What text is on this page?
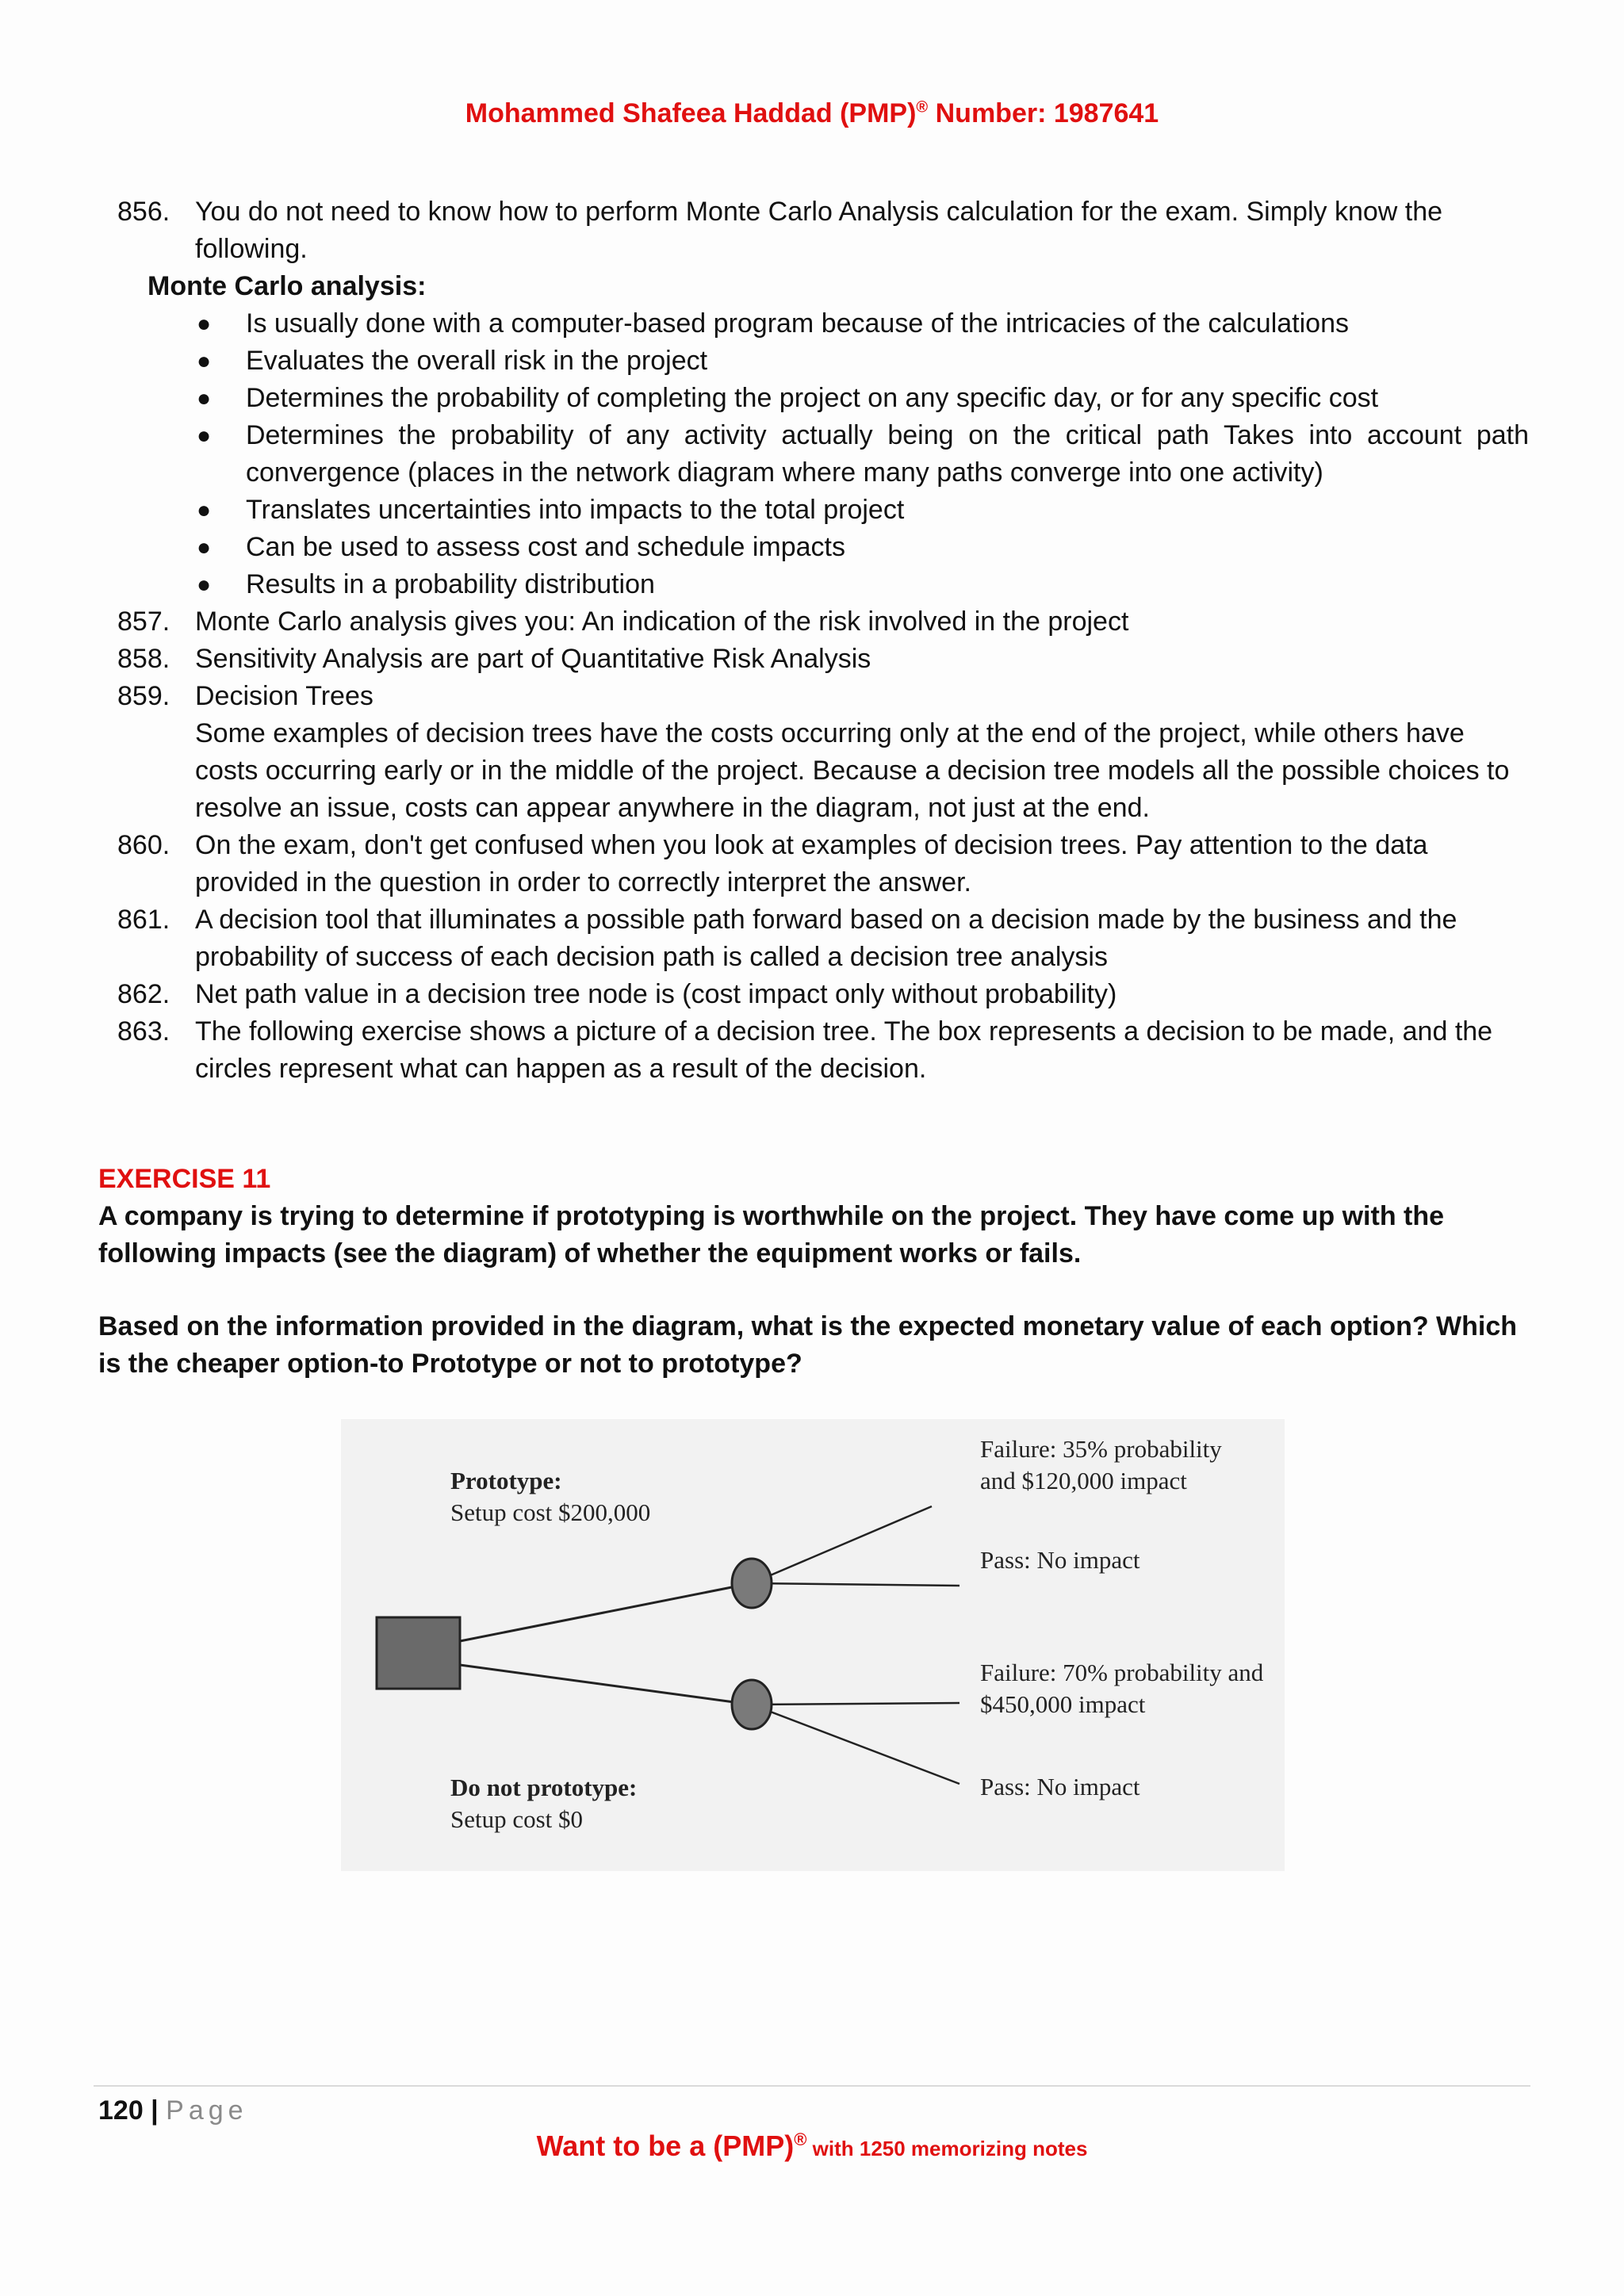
Mohammed Shafeea Haddad (PMP)® Number: 1987641
856. You do not need to know how to perform Monte Carlo Analysis calculation for the exam. Simply know the following.
Monte Carlo analysis:
●	Is usually done with a computer-based program because of the intricacies of the calculations
●	Evaluates the overall risk in the project
●	Determines the probability of completing the project on any specific day, or for any specific cost
●	Determines the probability of any activity actually being on the critical path Takes into account path convergence (places in the network diagram where many paths converge into one activity)
●	Translates uncertainties into impacts to the total project
●	Can be used to assess cost and schedule impacts
●	Results in a probability distribution
857. Monte Carlo analysis gives you: An indication of the risk involved in the project
858. Sensitivity Analysis are part of Quantitative Risk Analysis
859. Decision Trees
Some examples of decision trees have the costs occurring only at the end of the project, while others have costs occurring early or in the middle of the project. Because a decision tree models all the possible choices to resolve an issue, costs can appear anywhere in the diagram, not just at the end.
860. On the exam, don't get confused when you look at examples of decision trees. Pay attention to the data provided in the question in order to correctly interpret the answer.
861. A decision tool that illuminates a possible path forward based on a decision made by the business and the probability of success of each decision path is called a decision tree analysis
862. Net path value in a decision tree node is (cost impact only without probability)
863. The following exercise shows a picture of a decision tree. The box represents a decision to be made, and the circles represent what can happen as a result of the decision.
EXERCISE 11
A company is trying to determine if prototyping is worthwhile on the project. They have come up with the following impacts (see the diagram) of whether the equipment works or fails.
Based on the information provided in the diagram, what is the expected monetary value of each option? Which is the cheaper option-to Prototype or not to prototype?
Prototype:
Setup cost $200,000
Do not prototype:
Setup cost $0
Failure: 35% probability
and $120,000 impact
Pass: No impact
Failure: 70% probability and
$450,000 impact
Pass: No impact
120 | Page
Want to be a (PMP)® with 1250 memorizing notes
